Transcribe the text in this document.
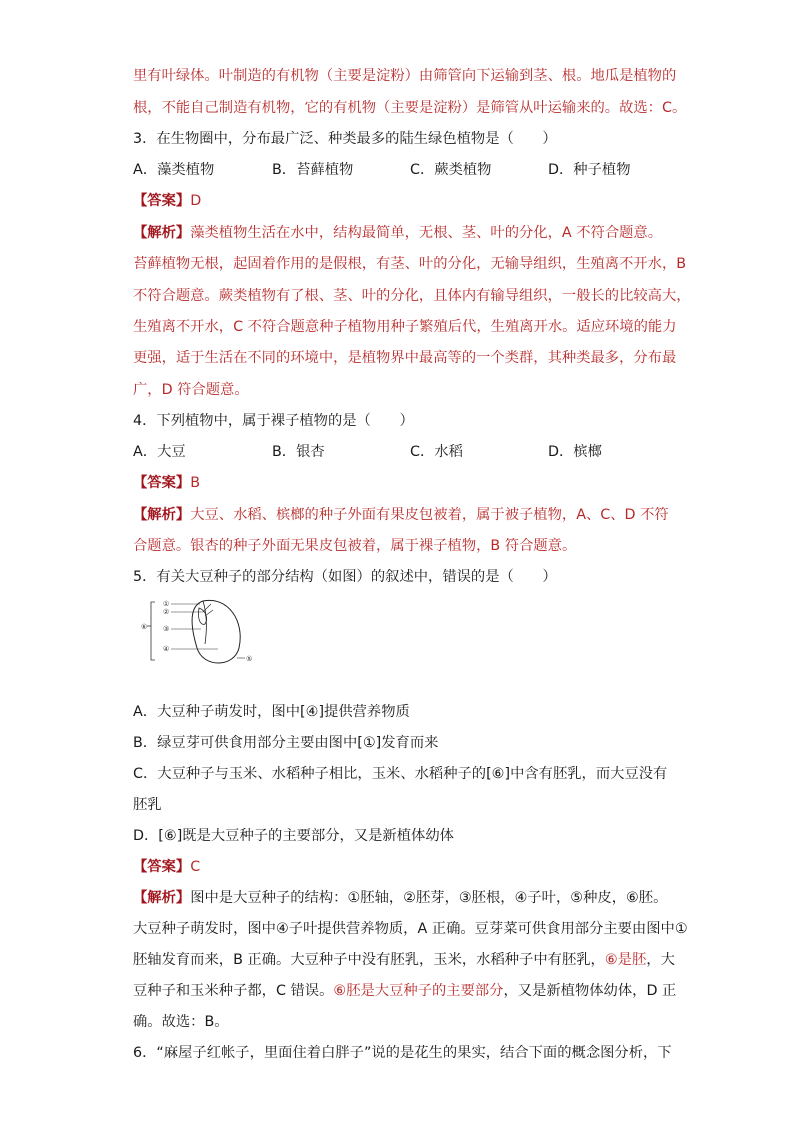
里有叶绿体。叶制造的有机物（主要是淀粉）由筛管向下运输到茎、根。地瓜是植物的
根，不能自己制造有机物，它的有机物（主要是淀粉）是筛管从叶运输来的。故选：C。
3．在生物圈中，分布最广泛、种类最多的陆生绿色植物是（　　）
A．藻类植物	B．苔藓植物	C．蕨类植物	D．种子植物
【答案】D
【解析】藻类植物生活在水中，结构最简单，无根、茎、叶的分化，A 不符合题意。
苔藓植物无根，起固着作用的是假根，有茎、叶的分化，无输导组织，生殖离不开水，B
不符合题意。蕨类植物有了根、茎、叶的分化，且体内有输导组织，一般长的比较高大，
生殖离不开水，C 不符合题意种子植物用种子繁殖后代，生殖离开水。适应环境的能力
更强，适于生活在不同的环境中，是植物界中最高等的一个类群，其种类最多，分布最
广，D 符合题意。
4．下列植物中，属于裸子植物的是（　　）
A．大豆	B．银杏	C．水稻	D．槟榔
【答案】B
【解析】大豆、水稻、槟榔的种子外面有果皮包被着，属于被子植物，A、C、D 不符
合题意。银杏的种子外面无果皮包被着，属于裸子植物，B 符合题意。
5．有关大豆种子的部分结构（如图）的叙述中，错误的是（　　）
⑥
①
②
③
④
⑤
A．大豆种子萌发时，图中[④]提供营养物质
B．绿豆芽可供食用部分主要由图中[①]发育而来
C．大豆种子与玉米、水稻种子相比，玉米、水稻种子的[⑥]中含有胚乳，而大豆没有
胚乳
D．[⑥]既是大豆种子的主要部分，又是新植体幼体
【答案】C
【解析】图中是大豆种子的结构：①胚轴，②胚芽，③胚根，④子叶，⑤种皮，⑥胚。
大豆种子萌发时，图中④子叶提供营养物质，A 正确。豆芽菜可供食用部分主要由图中①
胚轴发育而来，B 正确。大豆种子中没有胚乳，玉米，水稻种子中有胚乳，⑥是胚，大
豆种子和玉米种子都，C 错误。⑥胚是大豆种子的主要部分，又是新植物体幼体，D 正
确。故选：B。
6．“麻屋子红帐子，里面住着白胖子”说的是花生的果实，结合下面的概念图分析，下
